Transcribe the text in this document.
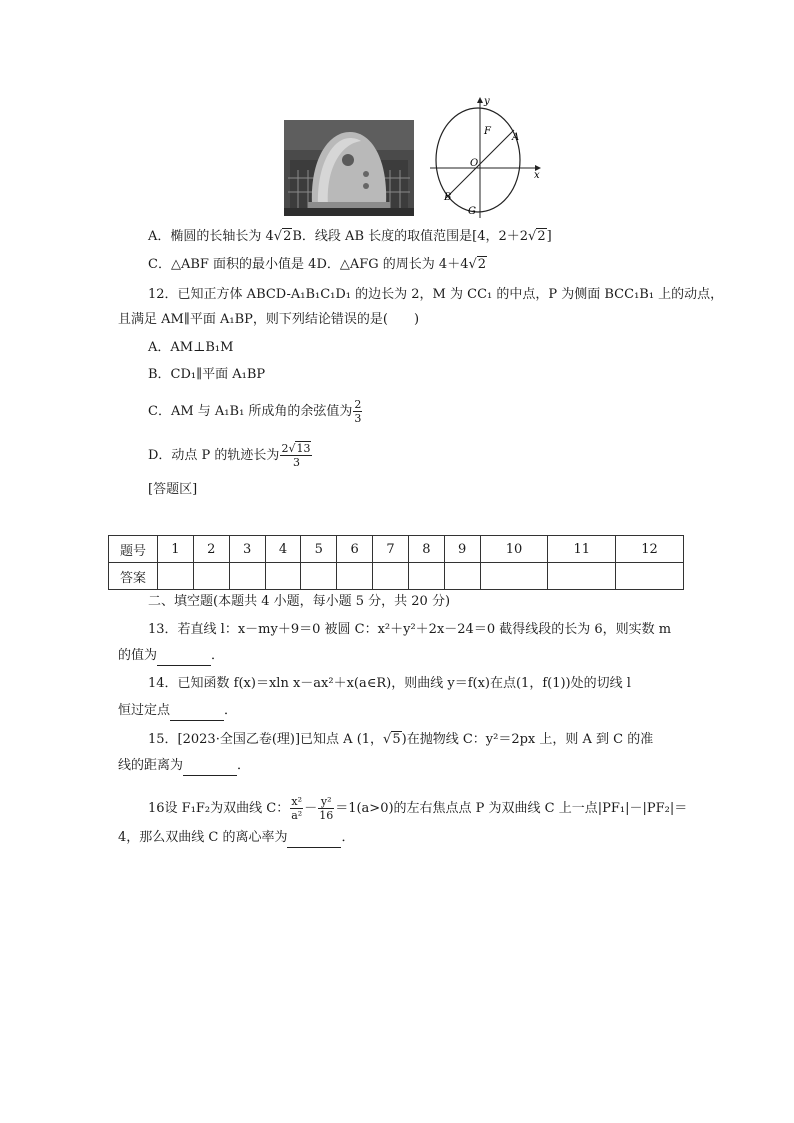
y
x
O
F
A
B
G
A．椭圆的长轴长为 4√2B．线段 AB 长度的取值范围是[4，2＋2√2]
C．△ABF 面积的最小值是 4D．△AFG 的周长为 4＋4√2
12．已知正方体 ABCD-A₁B₁C₁D₁ 的边长为 2，M 为 CC₁ 的中点，P 为侧面 BCC₁B₁ 上的动点，
且满足 AM∥平面 A₁BP，则下列结论错误的是(　　)
A．AM⊥B₁M
B．CD₁∥平面 A₁BP
C．AM 与 A₁B₁ 所成角的余弦值为 $\frac{2}{3}$
D．动点 P 的轨迹长为 $\frac{2√13}{3}$
[答题区]
题号	1	2	3	4	5	6	7	8	9	10	11	12
答案												
二、填空题(本题共 4 小题，每小题 5 分，共 20 分)
13．若直线 l：x－my＋9＝0 被圆 C：x²＋y²＋2x－24＝0 截得线段的长为 6，则实数 m
的值为	．
14．已知函数 f(x)＝xln x－ax²＋x(a∈R)，则曲线 y＝f(x)在点(1，f(1))处的切线 l
恒过定点	．
15．[2023·全国乙卷(理)]已知点 A (1，√5)在抛物线 C：y²＝2px 上，则 A 到 C 的准
线的距离为	．
16设 F₁F₂为双曲线 C： $\frac{\text{x²}}{\text{a²}} - \frac{\text{y²}}{16} =1(a>0)$的左右焦点点 P 为双曲线 C 上一点|PF₁|－|PF₂|＝
4，那么双曲线 C 的离心率为	．
